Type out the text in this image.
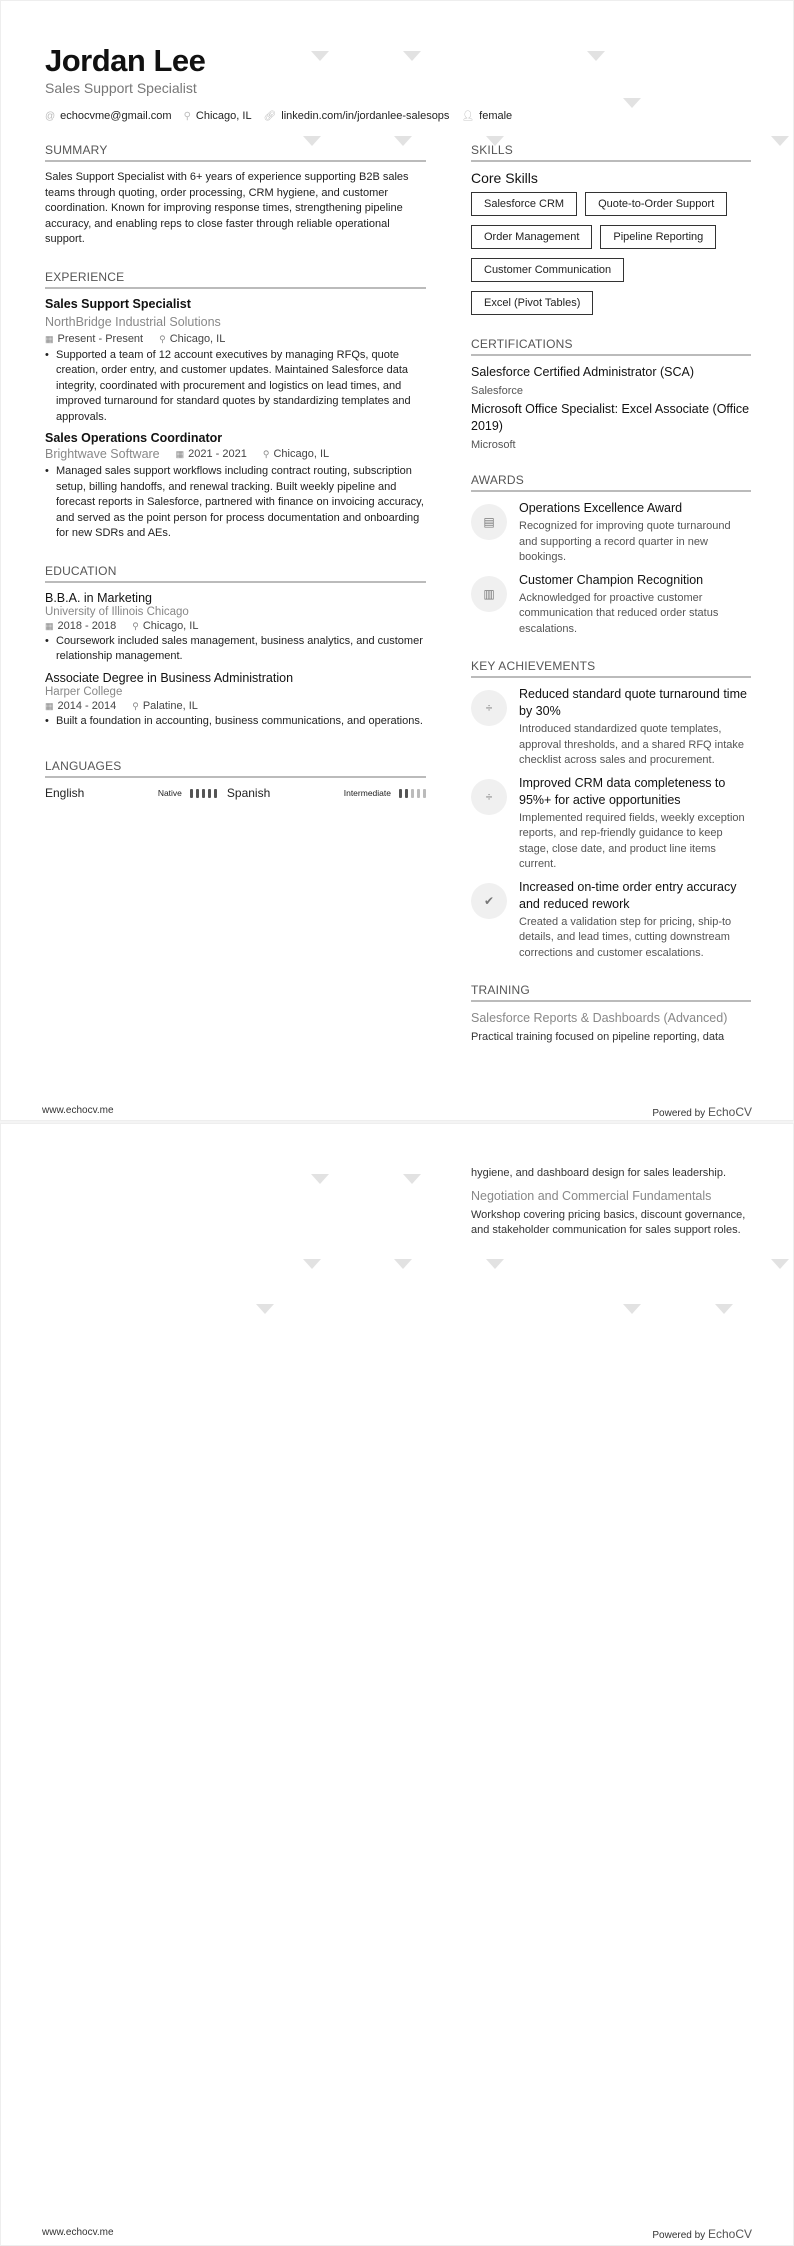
Jordan Lee
Sales Support Specialist
@ echocvme@gmail.com ⚲ Chicago, IL 🔗︎ linkedin.com/in/jordanlee-salesops 👤︎ female
SUMMARY

Sales Support Specialist with 6+ years of experience supporting B2B sales teams through quoting, order processing, CRM hygiene, and customer coordination. Known for improving response times, strengthening pipeline accuracy, and enabling reps to close faster through reliable operational support.

EXPERIENCE
Sales Support Specialist
NorthBridge Industrial Solutions
▦ Present - Present ⚲ Chicago, IL
• Supported a team of 12 account executives by managing RFQs, quote creation, order entry, and customer updates. Maintained Salesforce data integrity, coordinated with procurement and logistics on lead times, and improved turnaround for standard quotes by standardizing templates and approvals.
Sales Operations Coordinator
Brightwave Software ▦ 2021 - 2021 ⚲ Chicago, IL
• Managed sales support workflows including contract routing, subscription setup, billing handoffs, and renewal tracking. Built weekly pipeline and forecast reports in Salesforce, partnered with finance on invoicing accuracy, and served as the point person for process documentation and onboarding for new SDRs and AEs.
EDUCATION
B.B.A. in Marketing
University of Illinois Chicago
▦ 2018 - 2018 ⚲ Chicago, IL
• Coursework included sales management, business analytics, and customer relationship management.
Associate Degree in Business Administration
Harper College
▦ 2014 - 2014 ⚲ Palatine, IL
• Built a foundation in accounting, business communications, and operations.
LANGUAGES
English	Native	Spanish	Intermediate
SKILLS
Core Skills
Salesforce CRM	Quote-to-Order Support
Order Management	Pipeline Reporting
Customer Communication
Excel (Pivot Tables)
CERTIFICATIONS
Salesforce Certified Administrator (SCA)
Salesforce
Microsoft Office Specialist: Excel Associate (Office 2019)
Microsoft
AWARDS
▤
Operations Excellence Award
Recognized for improving quote turnaround and supporting a record quarter in new bookings.
▥
Customer Champion Recognition
Acknowledged for proactive customer communication that reduced order status escalations.
KEY ACHIEVEMENTS
÷
Reduced standard quote turnaround time by 30%
Introduced standardized quote templates, approval thresholds, and a shared RFQ intake checklist across sales and procurement.
÷
Improved CRM data completeness to 95%+ for active opportunities
Implemented required fields, weekly exception reports, and rep-friendly guidance to keep stage, close date, and product line items current.
✔
Increased on-time order entry accuracy and reduced rework
Created a validation step for pricing, ship-to details, and lead times, cutting downstream corrections and customer escalations.
TRAINING
Salesforce Reports & Dashboards (Advanced)
Practical training focused on pipeline reporting, data
www.echocv.me	Powered by EchoCV
hygiene, and dashboard design for sales leadership.
Negotiation and Commercial Fundamentals
Workshop covering pricing basics, discount governance, and stakeholder communication for sales support roles.
www.echocv.me	Powered by EchoCV
